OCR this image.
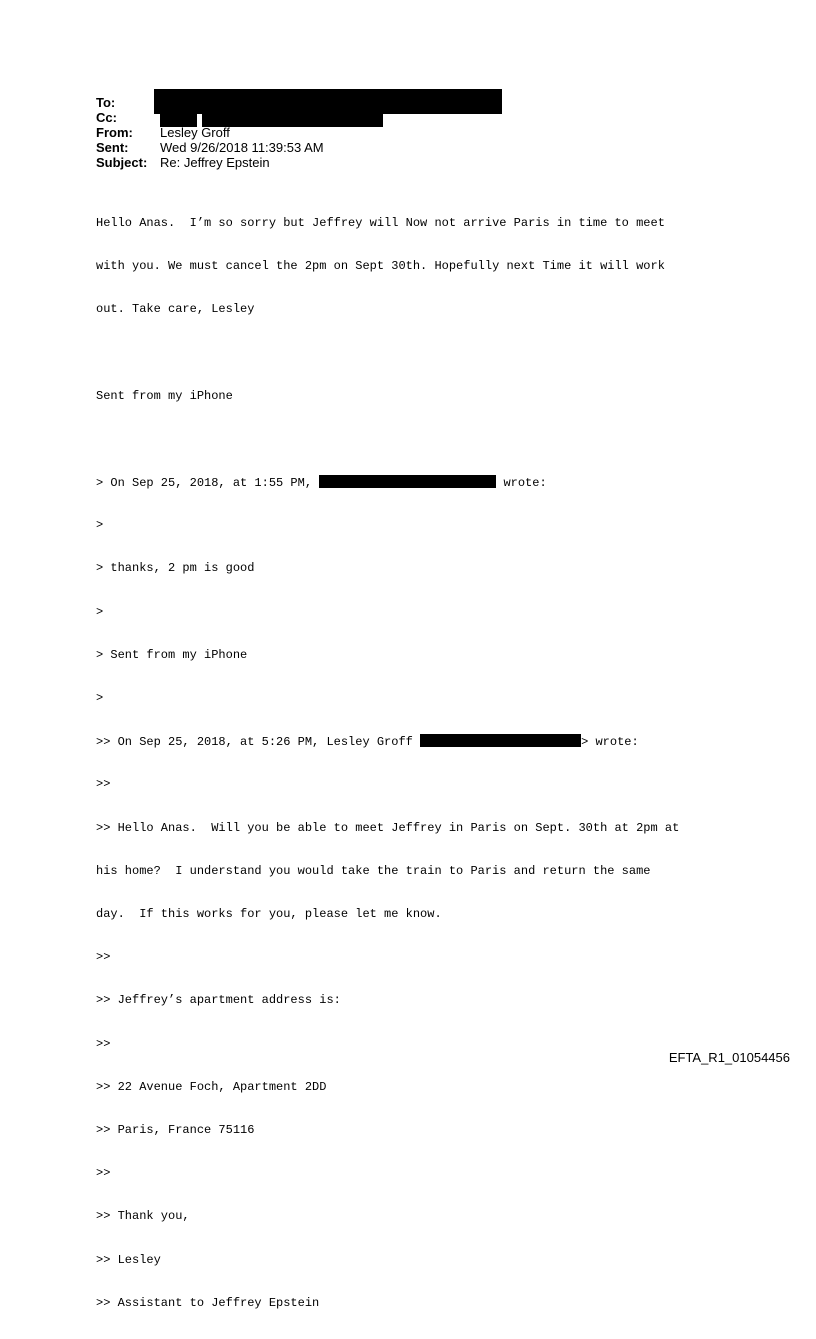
To:
Cc:
From: Lesley Groff
Sent: Wed 9/26/2018 11:39:53 AM
Subject: Re: Jeffrey Epstein

Hello Anas.  I’m so sorry but Jeffrey will Now not arrive Paris in time to meet

with you. We must cancel the 2pm on Sept 30th. Hopefully next Time it will work

out. Take care, Lesley

Sent from my iPhone

> On Sep 25, 2018, at 1:55 PM,	wrote:

>

> thanks, 2 pm is good

>

> Sent from my iPhone

>

>> On Sep 25, 2018, at 5:26 PM, Lesley Groff	> wrote:

>>

>> Hello Anas.  Will you be able to meet Jeffrey in Paris on Sept. 30th at 2pm at

his home?  I understand you would take the train to Paris and return the same

day.  If this works for you, please let me know.

>>

>> Jeffrey’s apartment address is:

>>

>> 22 Avenue Foch, Apartment 2DD

>> Paris, France 75116

>>

>> Thank you,

>> Lesley

>> Assistant to Jeffrey Epstein

EFTA_R1_01054456
